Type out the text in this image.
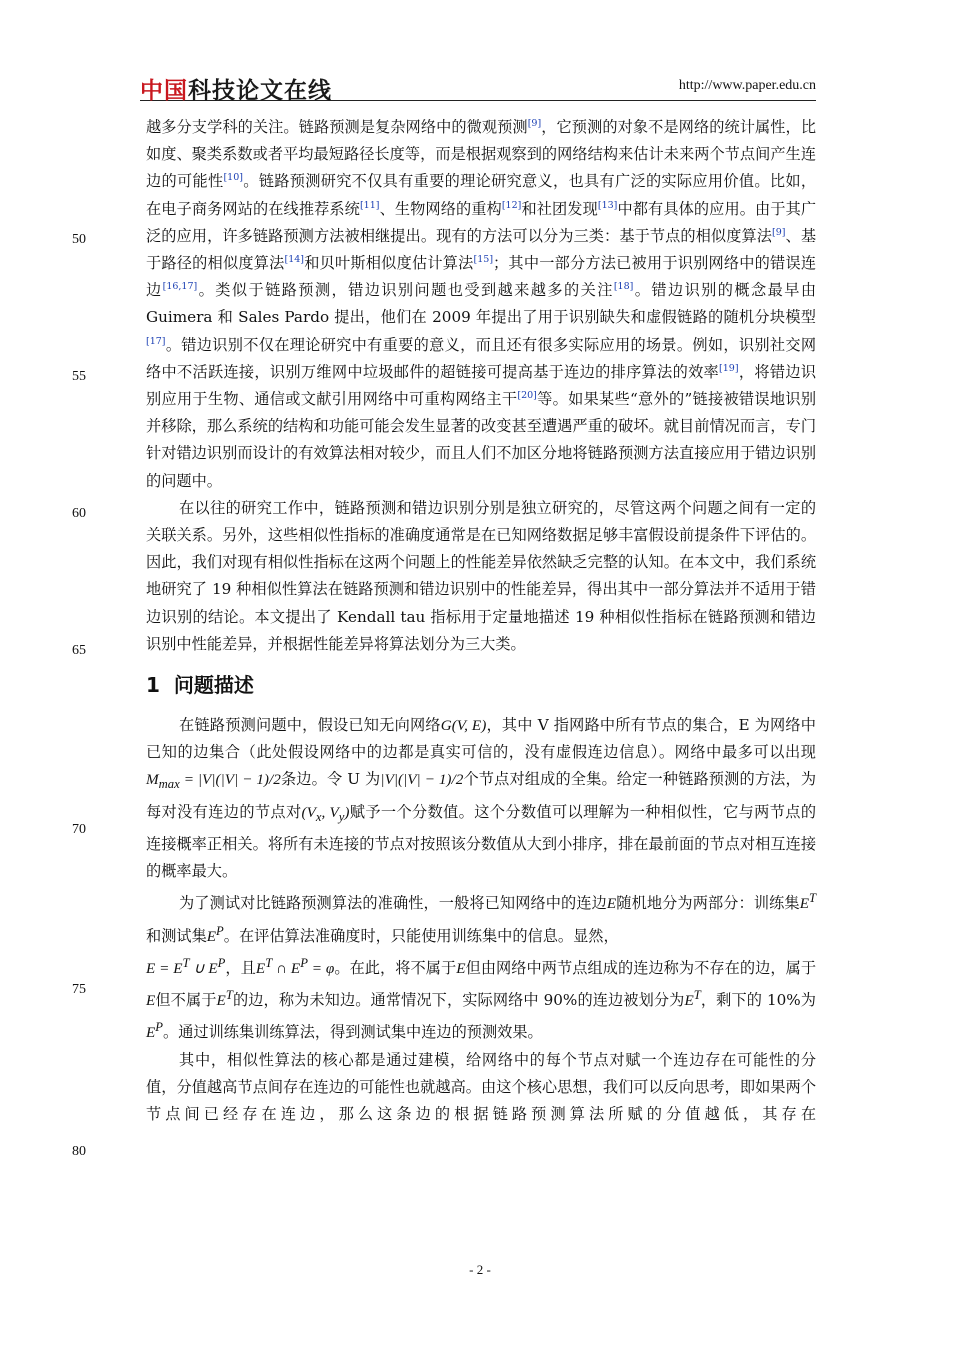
中国科技论文在线	http://www.paper.edu.cn
50
55
60
65
70
75
80

越多分支学科的关注。链路预测是复杂网络中的微观预测[9]，它预测的对象不是网络的统计属性，比如度、聚类系数或者平均最短路径长度等，而是根据观察到的网络结构来估计未来两个节点间产生连边的可能性[10]。链路预测研究不仅具有重要的理论研究意义，也具有广泛的实际应用价值。比如，在电子商务网站的在线推荐系统[11]、生物网络的重构[12]和社团发现[13]中都有具体的应用。由于其广泛的应用，许多链路预测方法被相继提出。现有的方法可以分为三类：基于节点的相似度算法[9]、基于路径的相似度算法[14]和贝叶斯相似度估计算法[15]；其中一部分方法已被用于识别网络中的错误连边[16,17]。类似于链路预测，错边识别问题也受到越来越多的关注[18]。错边识别的概念最早由 Guimera 和 Sales Pardo 提出，他们在 2009 年提出了用于识别缺失和虚假链路的随机分块模型[17]。错边识别不仅在理论研究中有重要的意义，而且还有很多实际应用的场景。例如，识别社交网络中不活跃连接，识别万维网中垃圾邮件的超链接可提高基于连边的排序算法的效率[19]，将错边识别应用于生物、通信或文献引用网络中可重构网络主干[20]等。如果某些“意外的”链接被错误地识别并移除，那么系统的结构和功能可能会发生显著的改变甚至遭遇严重的破坏。就目前情况而言，专门针对错边识别而设计的有效算法相对较少，而且人们不加区分地将链路预测方法直接应用于错边识别的问题中。

在以往的研究工作中，链路预测和错边识别分别是独立研究的，尽管这两个问题之间有一定的关联关系。另外，这些相似性指标的准确度通常是在已知网络数据足够丰富假设前提条件下评估的。因此，我们对现有相似性指标在这两个问题上的性能差异依然缺乏完整的认知。在本文中，我们系统地研究了 19 种相似性算法在链路预测和错边识别中的性能差异，得出其中一部分算法并不适用于错边识别的结论。本文提出了 Kendall tau 指标用于定量地描述 19 种相似性指标在链路预测和错边识别中性能差异，并根据性能差异将算法划分为三大类。

1 问题描述

在链路预测问题中，假设已知无向网络G(V, E)，其中 V 指网路中所有节点的集合，E 为网络中已知的边集合（此处假设网络中的边都是真实可信的，没有虚假连边信息）。网络中最多可以出现$M_{max} = |V|(|V| - 1)/2$条边。令 U 为|V|(|V| − 1)/2个节点对组成的全集。给定一种链路预测的方法，为每对没有连边的节点对($V_x$, $V_y$)赋予一个分数值。这个分数值可以理解为一种相似性，它与两节点的连接概率正相关。将所有未连接的节点对按照该分数值从大到小排序，排在最前面的节点对相互连接的概率最大。

为了测试对比链路预测算法的准确性，一般将已知网络中的连边E随机地分为两部分：训练集$E^T$和测试集$E^P$。在评估算法准确度时，只能使用训练集中的信息。显然，
$E = E^T$ ∪ $E^P$，且$E^T$ ∩ $E^P = \varphi$。在此，将不属于E但由网络中两节点组成的连边称为不存在的边，属于E但不属于$E^T$的边，称为未知边。通常情况下，实际网络中 90%的连边被划分为$E^T$，剩下的 10%为$E^P$。通过训练集训练算法，得到测试集中连边的预测效果。

其中，相似性算法的核心都是通过建模，给网络中的每个节点对赋一个连边存在可能性的分值，分值越高节点间存在连边的可能性也就越高。由这个核心思想，我们可以反向思考，即如果两个节点间已经存在连边，那么这条边的根据链路预测算法所赋的分值越低，其存在

- 2 -
